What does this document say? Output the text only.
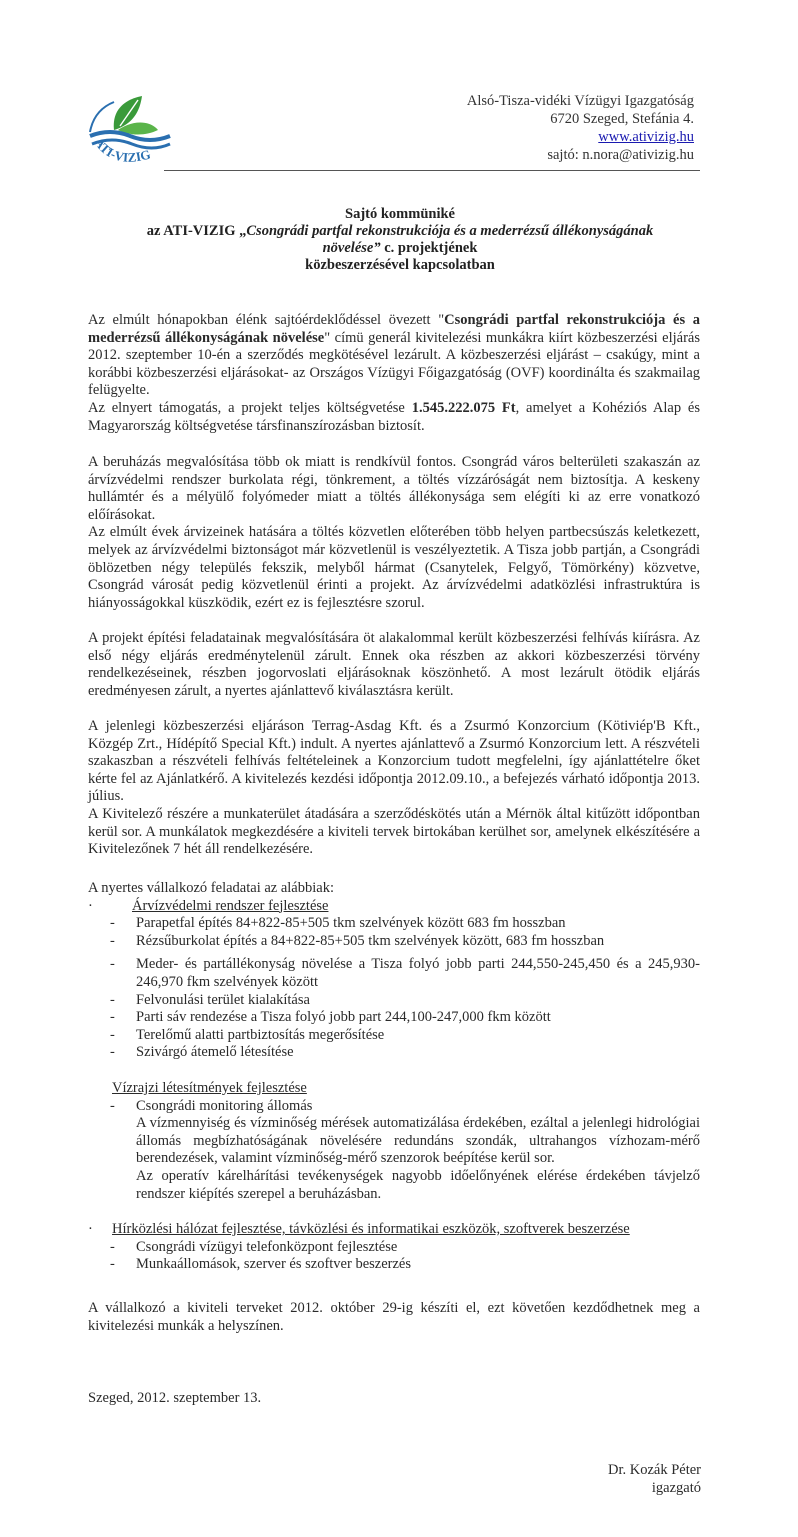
ATI-VIZIG
Alsó-Tisza-vidéki Vízügyi Igazgatóság
6720 Szeged, Stefánia 4.
www.ativizig.hu
sajtó: n.nora@ativizig.hu
Sajtó kommüniké
az ATI-VIZIG „Csongrádi partfal rekonstrukciója és a mederrézsű állékonyságának
növelése” c. projektjének
közbeszerzésével kapcsolatban

Az elmúlt hónapokban élénk sajtóérdeklődéssel övezett "Csongrádi partfal rekonstrukciója és a mederrézsű állékonyságának növelése" címü generál kivitelezési munkákra kiírt közbeszerzési eljárás 2012. szeptember 10-én a szerződés megkötésével lezárult. A közbeszerzési eljárást – csakúgy, mint a korábbi közbeszerzési eljárásokat- az Országos Vízügyi Főigazgatóság (OVF) koordinálta és szakmailag felügyelte.

Az elnyert támogatás, a projekt teljes költségvetése 1.545.222.075 Ft, amelyet a Kohéziós Alap és Magyarország költségvetése társfinanszírozásban biztosít.

A beruházás megvalósítása több ok miatt is rendkívül fontos. Csongrád város belterületi szakaszán az árvízvédelmi rendszer burkolata régi, tönkrement, a töltés vízzáróságát nem biztosítja. A keskeny hullámtér és a mélyülő folyómeder miatt a töltés állékonysága sem elégíti ki az erre vonatkozó előírásokat.

Az elmúlt évek árvizeinek hatására a töltés közvetlen előterében több helyen partbecsúszás keletkezett, melyek az árvízvédelmi biztonságot már közvetlenül is veszélyeztetik. A Tisza jobb partján, a Csongrádi öblözetben négy település fekszik, melyből hármat (Csanytelek, Felgyő, Tömörkény) közvetve, Csongrád városát pedig közvetlenül érinti a projekt. Az árvízvédelmi adatközlési infrastruktúra is hiányosságokkal küszködik, ezért ez is fejlesztésre szorul.

A projekt építési feladatainak megvalósítására öt alakalommal került közbeszerzési felhívás kiírásra. Az első négy eljárás eredménytelenül zárult. Ennek oka részben az akkori közbeszerzési törvény rendelkezéseinek, részben jogorvoslati eljárásoknak köszönhető. A most lezárult ötödik eljárás eredményesen zárult, a nyertes ajánlattevő kiválasztásra került.

A jelenlegi közbeszerzési eljáráson Terrag-Asdag Kft. és a Zsurmó Konzorcium (Kötiviép'B Kft., Közgép Zrt., Hídépítő Special Kft.) indult. A nyertes ajánlattevő a Zsurmó Konzorcium lett. A részvételi szakaszban a részvételi felhívás feltételeinek a Konzorcium tudott megfelelni, így ajánlattételre őket kérte fel az Ajánlatkérő. A kivitelezés kezdési időpontja 2012.09.10., a befejezés várható időpontja 2013. július.

A Kivitelező részére a munkaterület átadására a szerződéskötés után a Mérnök által kitűzött időpontban kerül sor. A munkálatok megkezdésére a kiviteli tervek birtokában kerülhet sor, amelynek elkészítésére a Kivitelezőnek 7 hét áll rendelkezésére.

A nyertes vállalkozó feladatai az alábbiak:
·	Árvízvédelmi rendszer fejlesztése
- Parapetfal építés 84+822-85+505 tkm szelvények között 683 fm hosszban
- Rézsűburkolat építés a 84+822-85+505 tkm szelvények között, 683 fm hosszban
- Meder- és partállékonyság növelése a Tisza folyó jobb parti 244,550-245,450 és a 245,930-246,970 fkm szelvények között
- Felvonulási terület kialakítása
- Parti sáv rendezése a Tisza folyó jobb part 244,100-247,000 fkm között
- Terelőmű alatti partbiztosítás megerősítése
- Szivárgó átemelő létesítése
Vízrajzi létesítmények fejlesztése
- Csongrádi monitoring állomás
A vízmennyiség és vízminőség mérések automatizálása érdekében, ezáltal a jelenlegi hidrológiai állomás megbízhatóságának növelésére redundáns szondák, ultrahangos vízhozam-mérő berendezések, valamint vízminőség-mérő szenzorok beépítése kerül sor.
Az operatív kárelhárítási tevékenységek nagyobb időelőnyének elérése érdekében távjelző rendszer kiépítés szerepel a beruházásban.
· Hírközlési hálózat fejlesztése, távközlési és informatikai eszközök, szoftverek beszerzése
- Csongrádi vízügyi telefonközpont fejlesztése
- Munkaállomások, szerver és szoftver beszerzés

A vállalkozó a kiviteli terveket 2012. október 29-ig készíti el, ezt követően kezdődhetnek meg a kivitelezési munkák a helyszínen.

Szeged, 2012. szeptember 13.
Dr. Kozák Péter
igazgató
